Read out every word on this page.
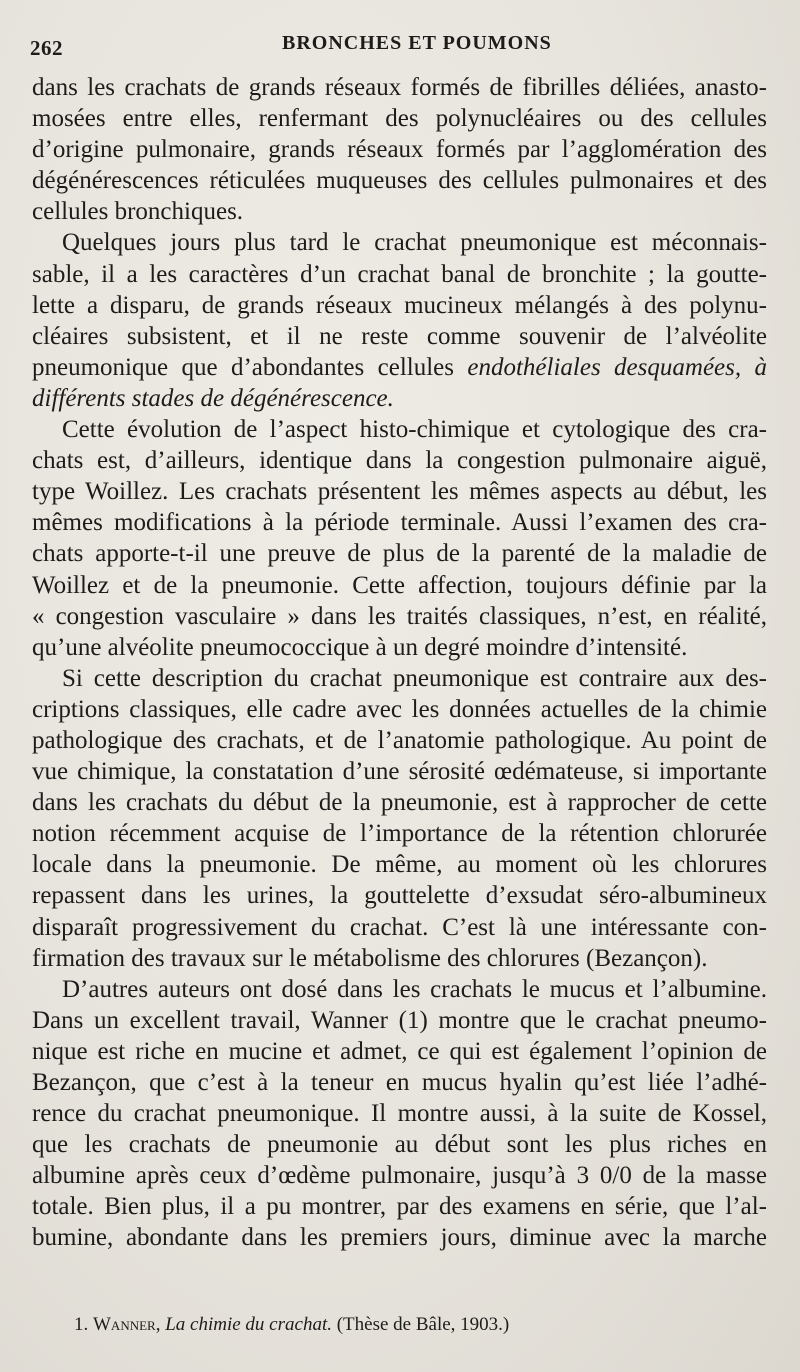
262	BRONCHES ET POUMONS
dans les crachats de grands réseaux formés de fibrilles déliées, anasto-
mosées entre elles, renfermant des polynucléaires ou des cellules
d’origine pulmonaire, grands réseaux formés par l’agglomération des
dégénérescences réticulées muqueuses des cellules pulmonaires et des
cellules bronchiques.
Quelques jours plus tard le crachat pneumonique est méconnais-
sable, il a les caractères d’un crachat banal de bronchite ; la goutte-
lette a disparu, de grands réseaux mucineux mélangés à des polynu-
cléaires subsistent, et il ne reste comme souvenir de l’alvéolite
pneumonique que d’abondantes cellules endothéliales desquamées, à
différents stades de dégénérescence.
Cette évolution de l’aspect histo-chimique et cytologique des cra-
chats est, d’ailleurs, identique dans la congestion pulmonaire aiguë,
type Woillez. Les crachats présentent les mêmes aspects au début, les
mêmes modifications à la période terminale. Aussi l’examen des cra-
chats apporte-t-il une preuve de plus de la parenté de la maladie de
Woillez et de la pneumonie. Cette affection, toujours définie par la
« congestion vasculaire » dans les traités classiques, n’est, en réalité,
qu’une alvéolite pneumococcique à un degré moindre d’intensité.
Si cette description du crachat pneumonique est contraire aux des-
criptions classiques, elle cadre avec les données actuelles de la chimie
pathologique des crachats, et de l’anatomie pathologique. Au point de
vue chimique, la constatation d’une sérosité œdémateuse, si importante
dans les crachats du début de la pneumonie, est à rapprocher de cette
notion récemment acquise de l’importance de la rétention chlorurée
locale dans la pneumonie. De même, au moment où les chlorures
repassent dans les urines, la gouttelette d’exsudat séro-albumineux
disparaît progressivement du crachat. C’est là une intéressante con-
firmation des travaux sur le métabolisme des chlorures (Bezançon).
D’autres auteurs ont dosé dans les crachats le mucus et l’albumine.
Dans un excellent travail, Wanner (1) montre que le crachat pneumo-
nique est riche en mucine et admet, ce qui est également l’opinion de
Bezançon, que c’est à la teneur en mucus hyalin qu’est liée l’adhé-
rence du crachat pneumonique. Il montre aussi, à la suite de Kossel,
que les crachats de pneumonie au début sont les plus riches en
albumine après ceux d’œdème pulmonaire, jusqu’à 3 0/0 de la masse
totale. Bien plus, il a pu montrer, par des examens en série, que l’al-
bumine, abondante dans les premiers jours, diminue avec la marche
1. Wanner, La chimie du crachat. (Thèse de Bâle, 1903.)
